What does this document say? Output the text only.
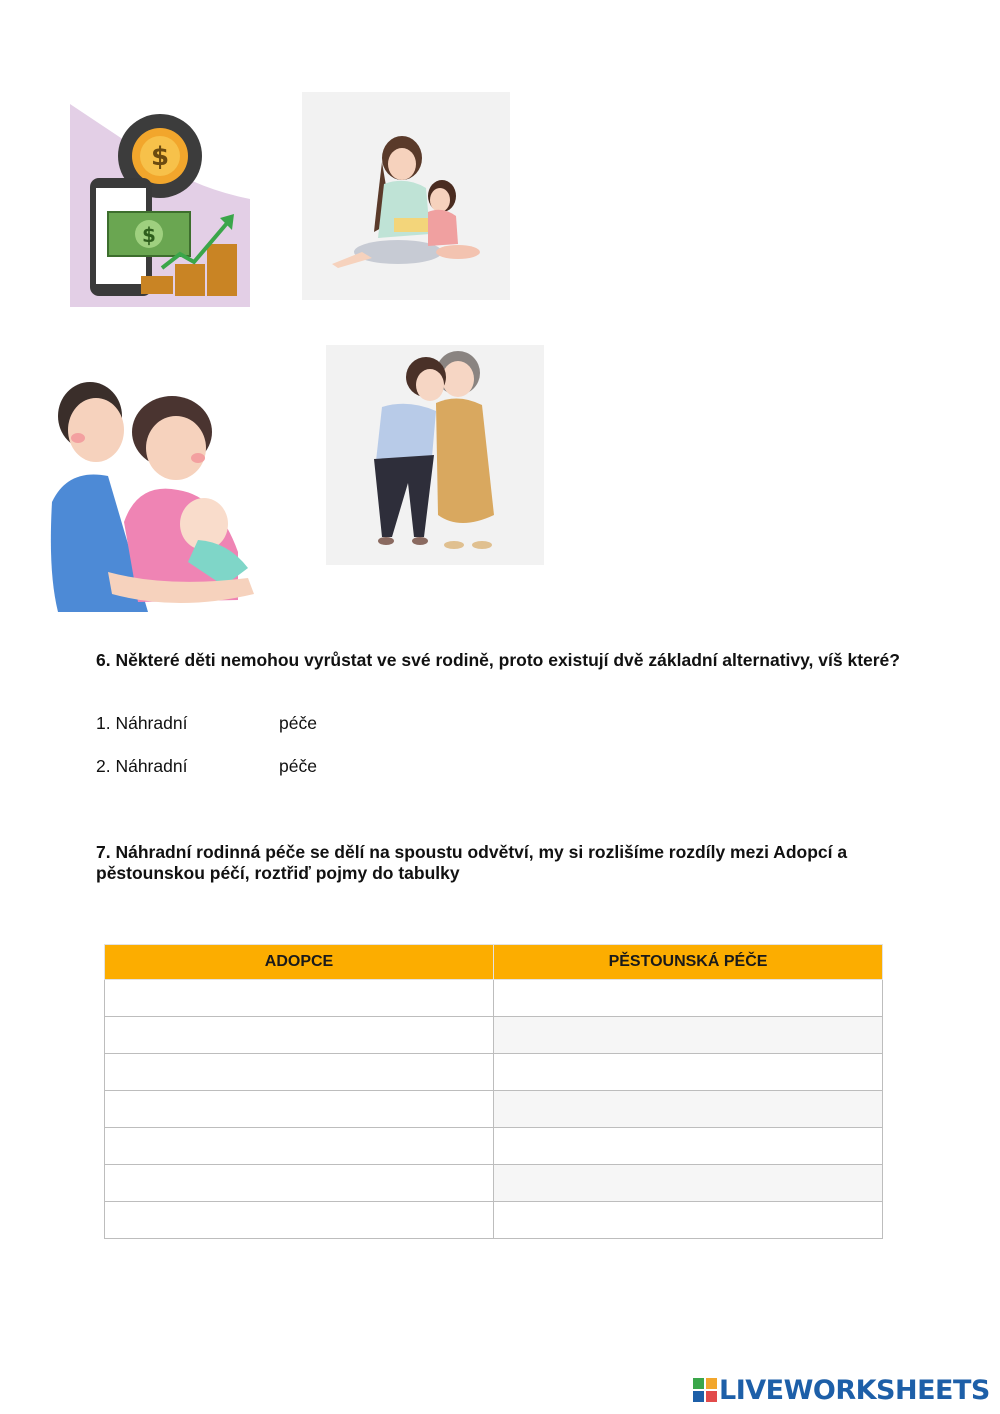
$
$
6. Některé děti nemohou vyrůstat ve své rodině, proto existují dvě základní alternativy, víš které?
1. Náhradní	péče
2. Náhradní	péče
7. Náhradní rodinná péče se dělí na spoustu odvětví, my si rozlišíme rozdíly mezi Adopcí a pěstounskou péčí, roztřiď pojmy do tabulky
ADOPCE	PĚSTOUNSKÁ PÉČE

LIVEWORKSHEETS
